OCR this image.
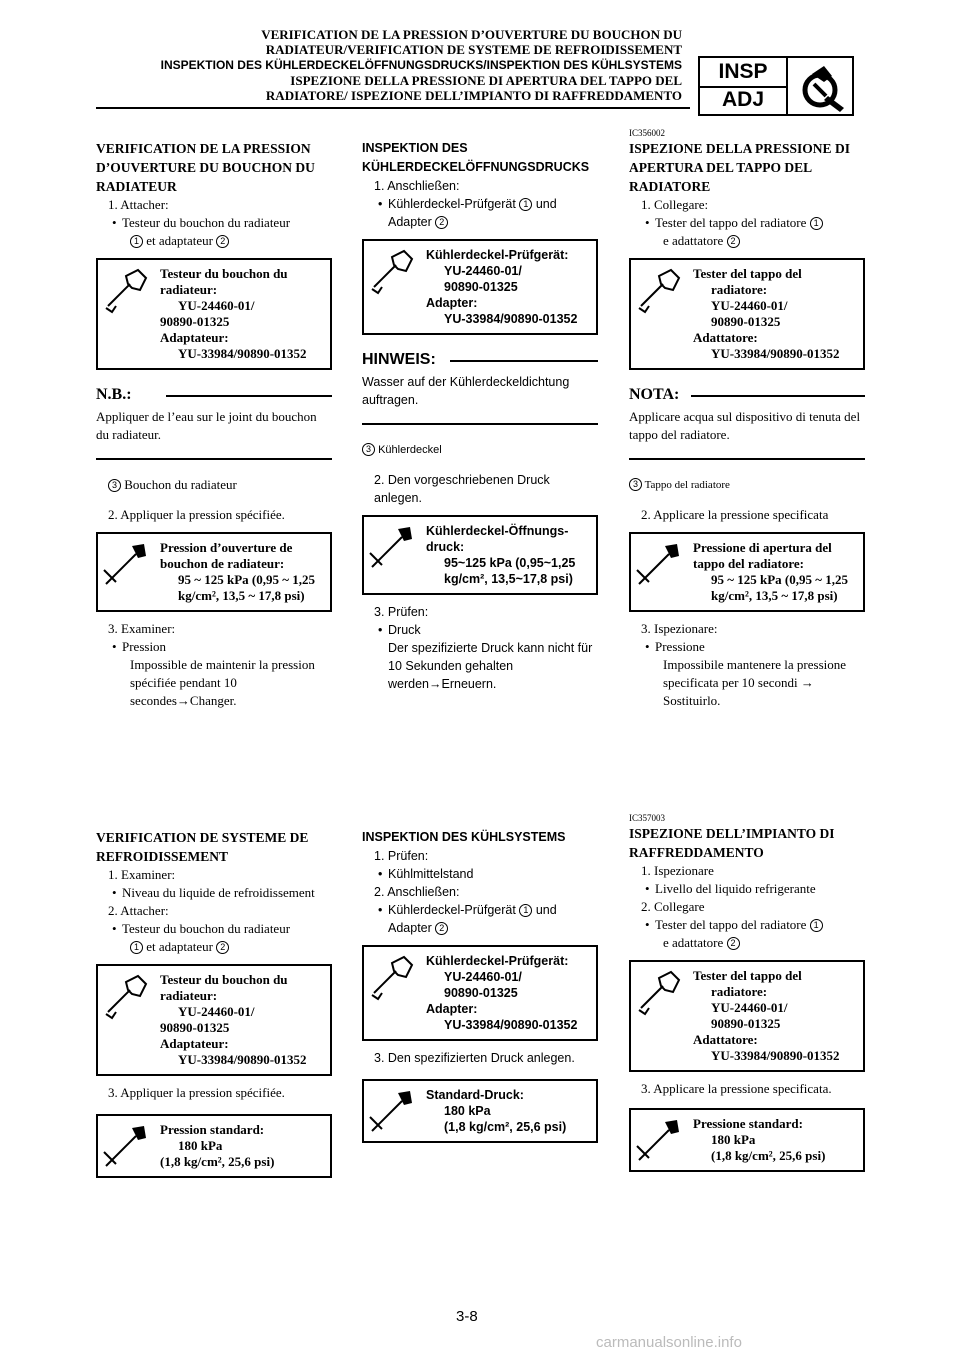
VERIFICATION DE LA PRESSION D’OUVERTURE DU BOUCHON DU
RADIATEUR/VERIFICATION DE SYSTEME DE REFROIDISSEMENT
INSPEKTION DES KÜHLERDECKELÖFFNUNGSDRUCKS/INSPEKTION DES KÜHLSYSTEMS
ISPEZIONE DELLA PRESSIONE DI APERTURA DEL TAPPO DEL
RADIATORE/ ISPEZIONE DELL’IMPIANTO DI RAFFREDDAMENTO
INSP
ADJ
VERIFICATION DE LA PRESSION D’OUVERTURE DU BOUCHON DU RADIATEUR
1. Attacher:
• Testeur du bouchon du radiateur
1 et adaptateur 2
Testeur du bouchon du
radiateur:
YU-24460-01/
90890-01325
Adaptateur:
YU-33984/90890-01352
N.B.:
Appliquer de l’eau sur le joint du bouchon du radiateur.
3 Bouchon du radiateur
2. Appliquer la pression spécifiée.
Pression d’ouverture de
bouchon de radiateur:
95 ~ 125 kPa (0,95 ~ 1,25
kg/cm², 13,5 ~ 17,8 psi)
3. Examiner:
• Pression
Impossible de maintenir la pression spécifiée pendant 10 secondes→Changer.
INSPEKTION DES KÜHLERDECKELÖFFNUNGSDRUCKS
1. Anschließen:
• Kühlerdeckel-Prüfgerät 1 und
Adapter 2
Kühlerdeckel-Prüfgerät:
YU-24460-01/
90890-01325
Adapter:
YU-33984/90890-01352
HINWEIS:
Wasser auf der Kühlerdeckeldichtung auftragen.
3 Kühlerdeckel
2. Den vorgeschriebenen Druck anlegen.
Kühlerdeckel-Öffnungs-
druck:
95~125 kPa (0,95~1,25
kg/cm², 13,5~17,8 psi)
3. Prüfen:
• Druck
Der spezifizierte Druck kann nicht für 10 Sekunden gehalten werden→Erneuern.
IC356002
ISPEZIONE DELLA PRESSIONE DI APERTURA DEL TAPPO DEL RADIATORE
1. Collegare:
• Tester del tappo del radiatore 1
e adattatore 2
Tester del tappo del
radiatore:
YU-24460-01/
90890-01325
Adattatore:
YU-33984/90890-01352
NOTA:
Applicare acqua sul dispositivo di tenuta del tappo del radiatore.
3 Tappo del radiatore
2. Applicare la pressione specificata
Pressione di apertura del
tappo del radiatore:
95 ~ 125 kPa (0,95 ~ 1,25
kg/cm², 13,5 ~ 17,8 psi)
3. Ispezionare:
• Pressione
Impossibile mantenere la pressione specificata per 10 secondi → Sostituirlo.
VERIFICATION DE SYSTEME DE REFROIDISSEMENT
1. Examiner:
• Niveau du liquide de refroidissement
2. Attacher:
• Testeur du bouchon du radiateur
1 et adaptateur 2
Testeur du bouchon du
radiateur:
YU-24460-01/
90890-01325
Adaptateur:
YU-33984/90890-01352
3. Appliquer la pression spécifiée.
Pression standard:
180 kPa
(1,8 kg/cm², 25,6 psi)
INSPEKTION DES KÜHLSYSTEMS
1. Prüfen:
• Kühlmittelstand
2. Anschließen:
• Kühlerdeckel-Prüfgerät 1 und
Adapter 2
Kühlerdeckel-Prüfgerät:
YU-24460-01/
90890-01325
Adapter:
YU-33984/90890-01352
3. Den spezifizierten Druck anlegen.
Standard-Druck:
180 kPa
(1,8 kg/cm², 25,6 psi)
IC357003
ISPEZIONE DELL’IMPIANTO DI RAFFREDDAMENTO
1. Ispezionare
• Livello del liquido refrigerante
2. Collegare
• Tester del tappo del radiatore 1
e adattatore 2
Tester del tappo del
radiatore:
YU-24460-01/
90890-01325
Adattatore:
YU-33984/90890-01352
3. Applicare la pressione specificata.
Pressione standard:
180 kPa
(1,8 kg/cm², 25,6 psi)
3-8
carmanualsonline.info
